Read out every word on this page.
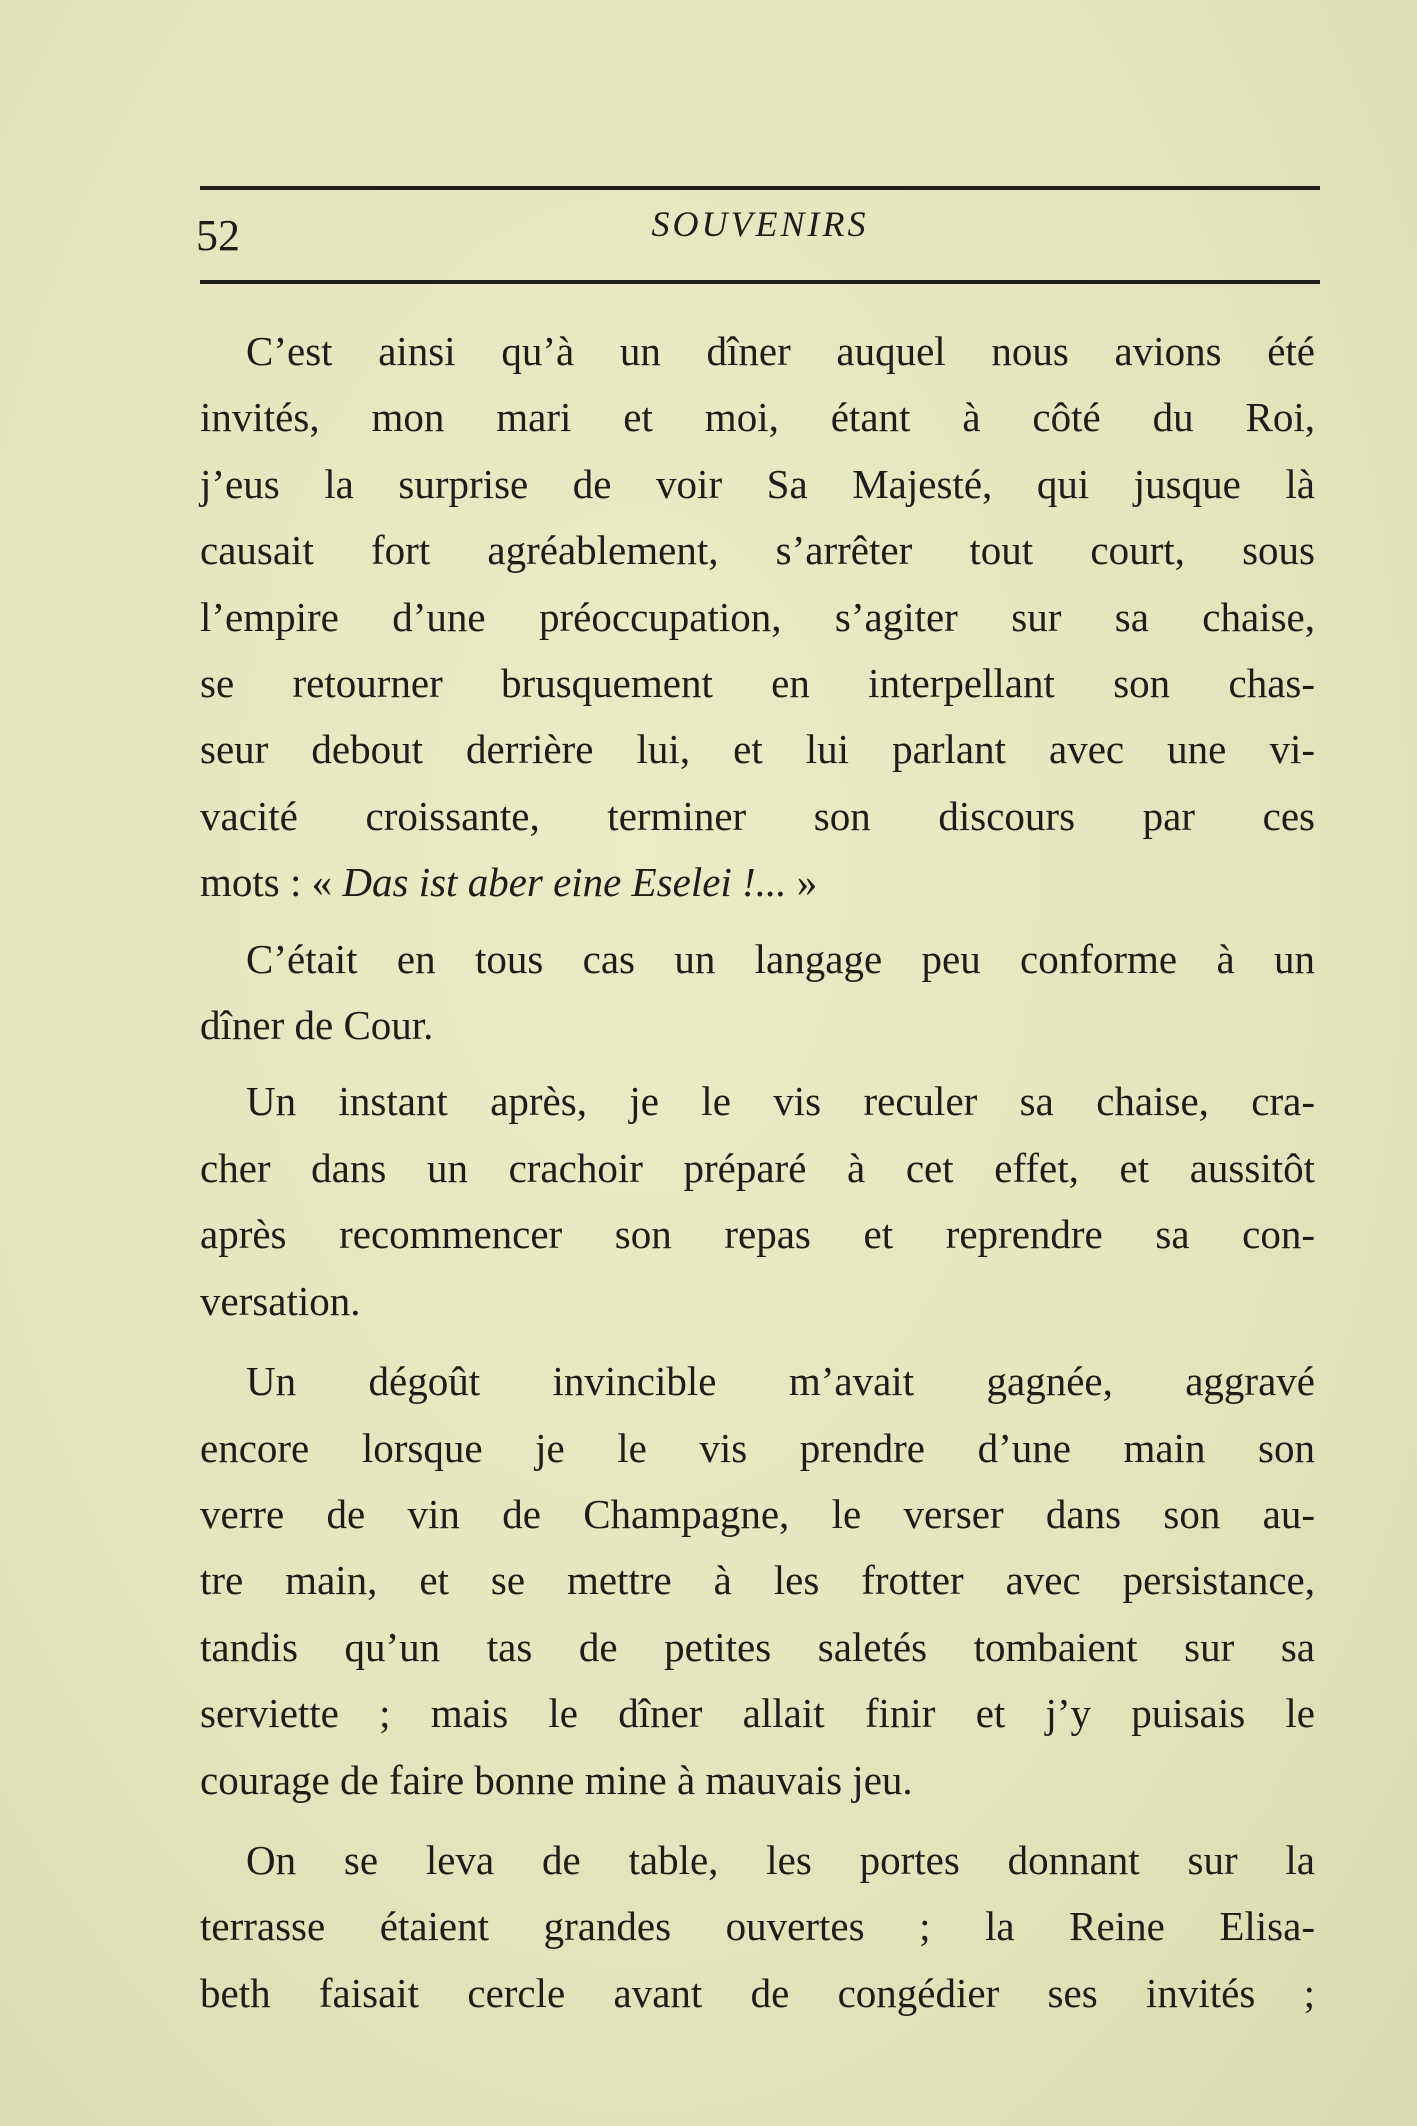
52	SOUVENIRS
C’est ainsi qu’à un dîner auquel nous avions été
invités, mon mari et moi, étant à côté du Roi,
j’eus la surprise de voir Sa Majesté, qui jusque là
causait fort agréablement, s’arrêter tout court, sous
l’empire d’une préoccupation, s’agiter sur sa chaise,
se retourner brusquement en interpellant son chas-
seur debout derrière lui, et lui parlant avec une vi-
vacité croissante, terminer son discours par ces
mots : « Das ist aber eine Eselei !... »
C’était en tous cas un langage peu conforme à un
dîner de Cour.
Un instant après, je le vis reculer sa chaise, cra-
cher dans un crachoir préparé à cet effet, et aussitôt
après recommencer son repas et reprendre sa con-
versation.
Un dégoût invincible m’avait gagnée, aggravé
encore lorsque je le vis prendre d’une main son
verre de vin de Champagne, le verser dans son au-
tre main, et se mettre à les frotter avec persistance,
tandis qu’un tas de petites saletés tombaient sur sa
serviette ; mais le dîner allait finir et j’y puisais le
courage de faire bonne mine à mauvais jeu.
On se leva de table, les portes donnant sur la
terrasse étaient grandes ouvertes ; la Reine Elisa-
beth faisait cercle avant de congédier ses invités ;
